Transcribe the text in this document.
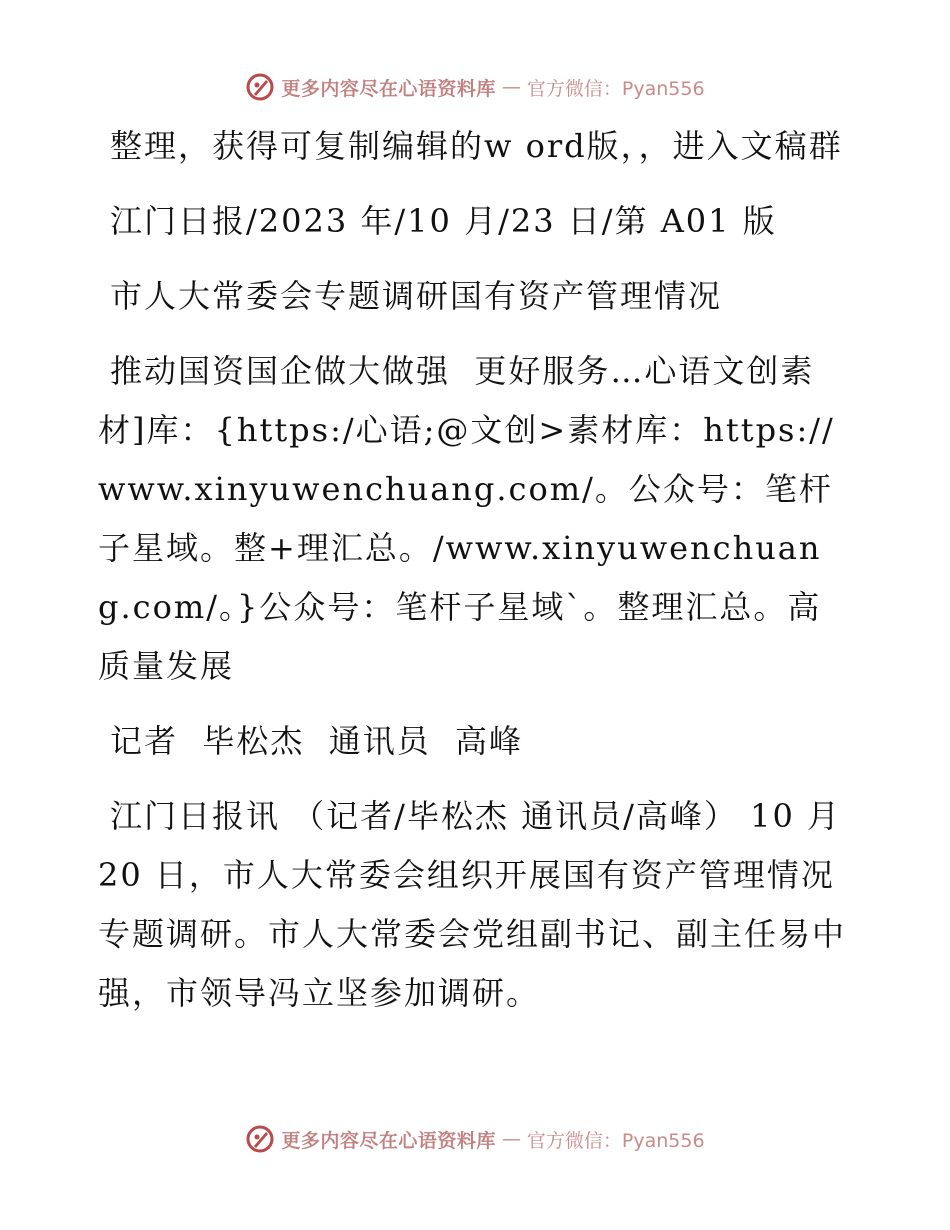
更多内容尽在心语资料库 — 官方微信：Pyan556

整理，获得可复制编辑的w ord版，，进入文稿群

江门日报/2023 年/10 月/23 日/第 A01 版

市人大常委会专题调研国有资产管理情况

推动国资国企做大做强  更好服务…心语文创素材]库：{https:/心语;@文创>素材库：https://www.xinyuwenchuang.com/。公众号：笔杆子星域。整+理汇总。/www.xinyuwenchuang.com/。}公众号：笔杆子星域`。整理汇总。高质量发展

记者  毕松杰  通讯员  高峰

江门日报讯 （记者/毕松杰 通讯员/高峰） 10 月 20 日，市人大常委会组织开展国有资产管理情况专题调研。市人大常委会党组副书记、副主任易中强，市领导冯立坚参加调研。

更多内容尽在心语资料库 — 官方微信：Pyan556
